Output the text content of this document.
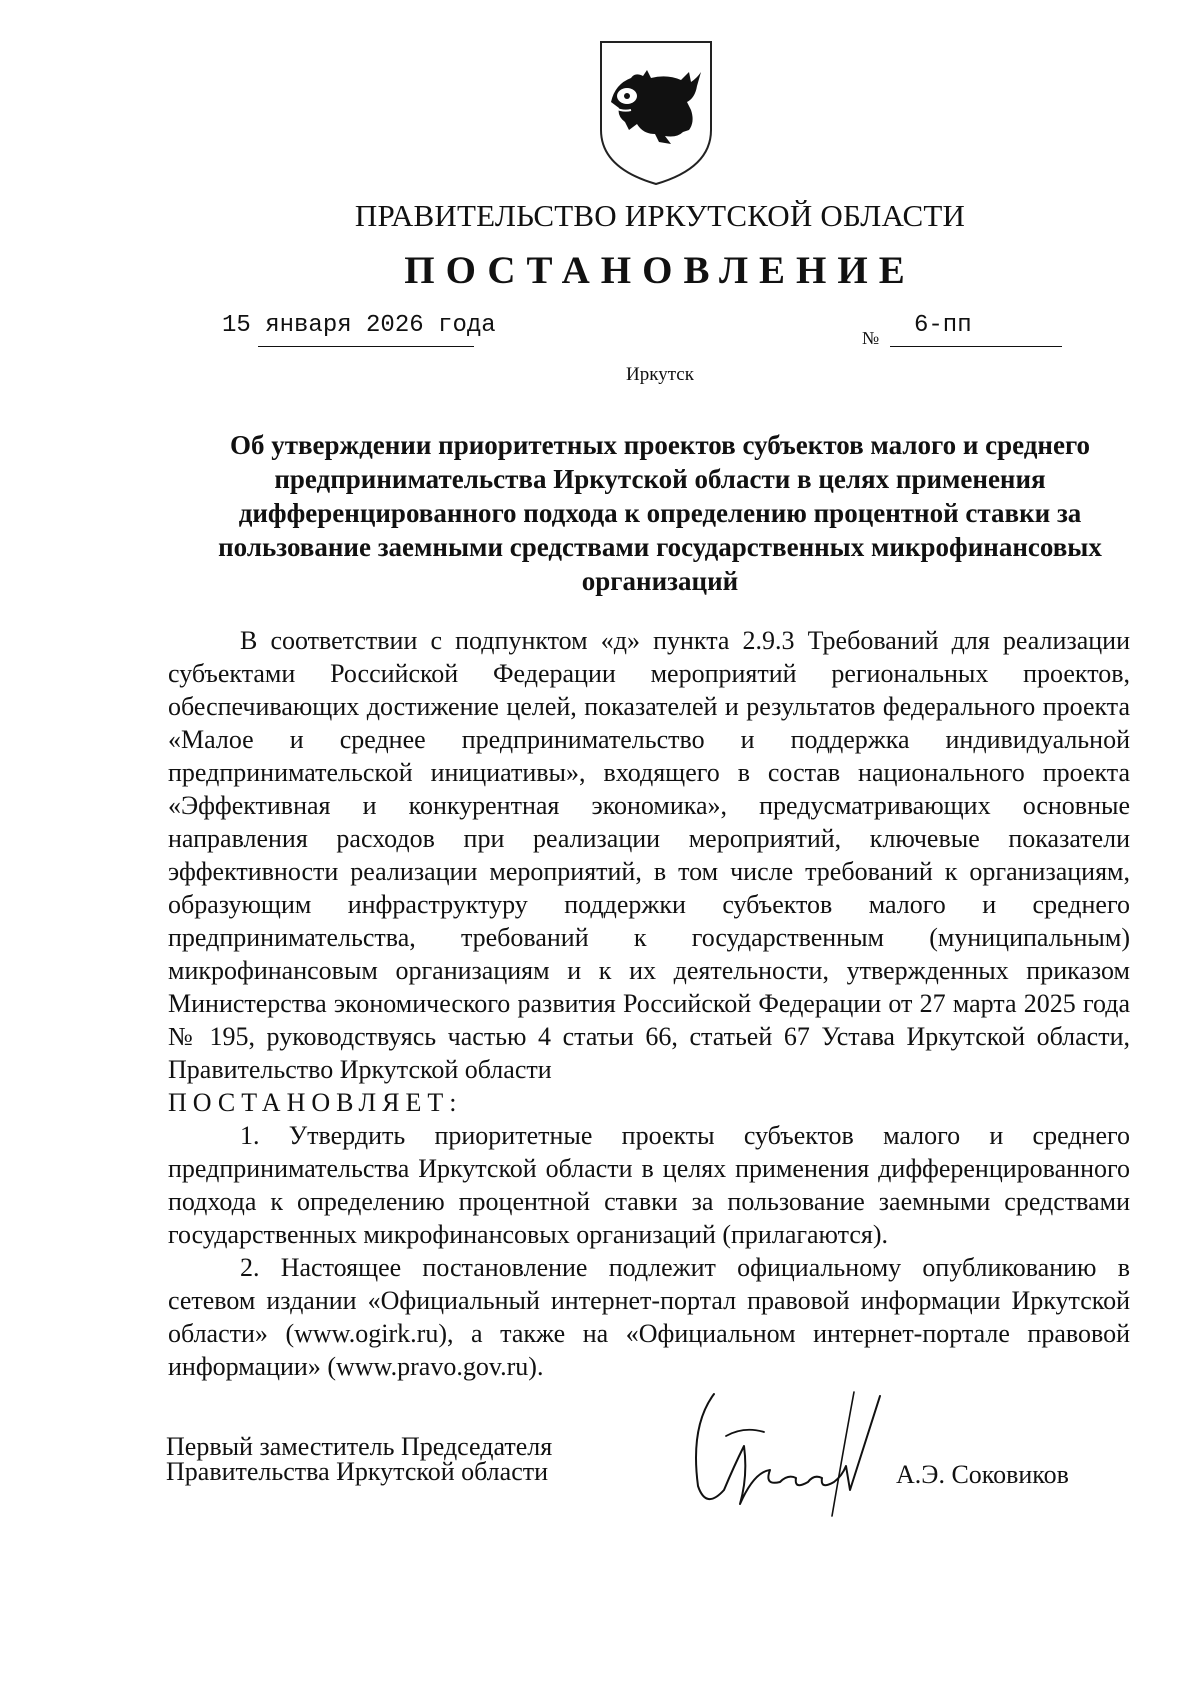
ПРАВИТЕЛЬСТВО ИРКУТСКОЙ ОБЛАСТИ
ПОСТАНОВЛЕНИЕ
15 января 2026 года	№ 6-пп
Иркутск
Об утверждении приоритетных проектов субъектов малого и среднего предпринимательства Иркутской области в целях применения дифференцированного подхода к определению процентной ставки за пользование заемными средствами государственных микрофинансовых организаций

В соответствии с подпунктом «д» пункта 2.9.3 Требований для реализации субъектами Российской Федерации мероприятий региональных проектов, обеспечивающих достижение целей, показателей и результатов федерального проекта «Малое и среднее предпринимательство и поддержка индивидуальной предпринимательской инициативы», входящего в состав национального проекта «Эффективная и конкурентная экономика», предусматривающих основные направления расходов при реализации мероприятий, ключевые показатели эффективности реализации мероприятий, в том числе требований к организациям, образующим инфраструктуру поддержки субъектов малого и среднего предпринимательства, требований к государственным (муниципальным) микрофинансовым организациям и к их деятельности, утвержденных приказом Министерства экономического развития Российской Федерации от 27 марта 2025 года № 195, руководствуясь частью 4 статьи 66, статьей 67 Устава Иркутской области, Правительство Иркутской области

ПОСТАНОВЛЯЕТ:

1. Утвердить приоритетные проекты субъектов малого и среднего предпринимательства Иркутской области в целях применения дифференцированного подхода к определению процентной ставки за пользование заемными средствами государственных микрофинансовых организаций (прилагаются).

2. Настоящее постановление подлежит официальному опубликованию в сетевом издании «Официальный интернет-портал правовой информации Иркутской области» (www.ogirk.ru), а также на «Официальном интернет-портале правовой информации» (www.pravo.gov.ru).

Первый заместитель Председателя
Правительства Иркутской области	А.Э. Соковиков
